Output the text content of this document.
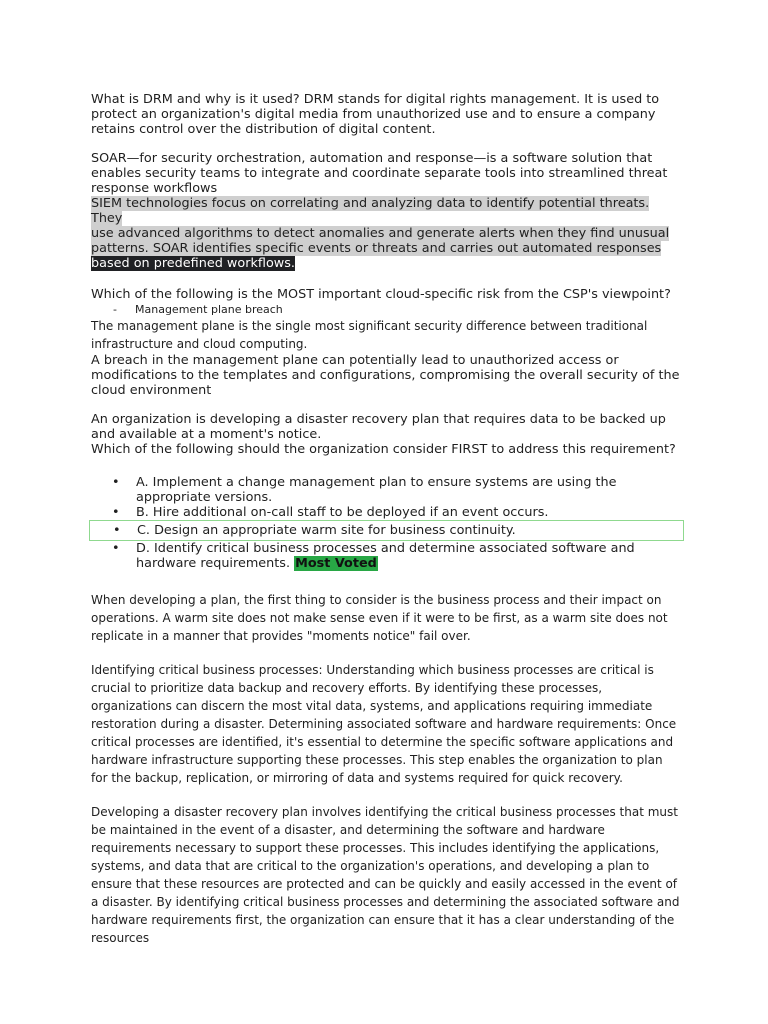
What is DRM and why is it used? DRM stands for digital rights management. It is used to protect an organization's digital media from unauthorized use and to ensure a company retains control over the distribution of digital content.

SOAR—for security orchestration, automation and response—is a software solution that enables security teams to integrate and coordinate separate tools into streamlined threat response workflows

SIEM technologies focus on correlating and analyzing data to identify potential threats. They
use advanced algorithms to detect anomalies and generate alerts when they find unusual
patterns. SOAR identifies specific events or threats and carries out automated responses
based on predefined workflows.

Which of the following is the MOST important cloud-specific risk from the CSP's viewpoint?

- Management plane breach

The management plane is the single most significant security difference between traditional infrastructure and cloud computing.

A breach in the management plane can potentially lead to unauthorized access or modifications to the templates and configurations, compromising the overall security of the cloud environment

An organization is developing a disaster recovery plan that requires data to be backed up and available at a moment's notice.

Which of the following should the organization consider FIRST to address this requirement?

• A. Implement a change management plan to ensure systems are using the appropriate versions.
• B. Hire additional on-call staff to be deployed if an event occurs.
• C. Design an appropriate warm site for business continuity.
• D. Identify critical business processes and determine associated software and hardware requirements. Most Voted

When developing a plan, the first thing to consider is the business process and their impact on operations. A warm site does not make sense even if it were to be first, as a warm site does not replicate in a manner that provides "moments notice" fail over.

Identifying critical business processes: Understanding which business processes are critical is crucial to prioritize data backup and recovery efforts. By identifying these processes, organizations can discern the most vital data, systems, and applications requiring immediate restoration during a disaster. Determining associated software and hardware requirements: Once critical processes are identified, it's essential to determine the specific software applications and hardware infrastructure supporting these processes. This step enables the organization to plan for the backup, replication, or mirroring of data and systems required for quick recovery.

Developing a disaster recovery plan involves identifying the critical business processes that must be maintained in the event of a disaster, and determining the software and hardware requirements necessary to support these processes. This includes identifying the applications, systems, and data that are critical to the organization's operations, and developing a plan to ensure that these resources are protected and can be quickly and easily accessed in the event of a disaster. By identifying critical business processes and determining the associated software and hardware requirements first, the organization can ensure that it has a clear understanding of the resources
